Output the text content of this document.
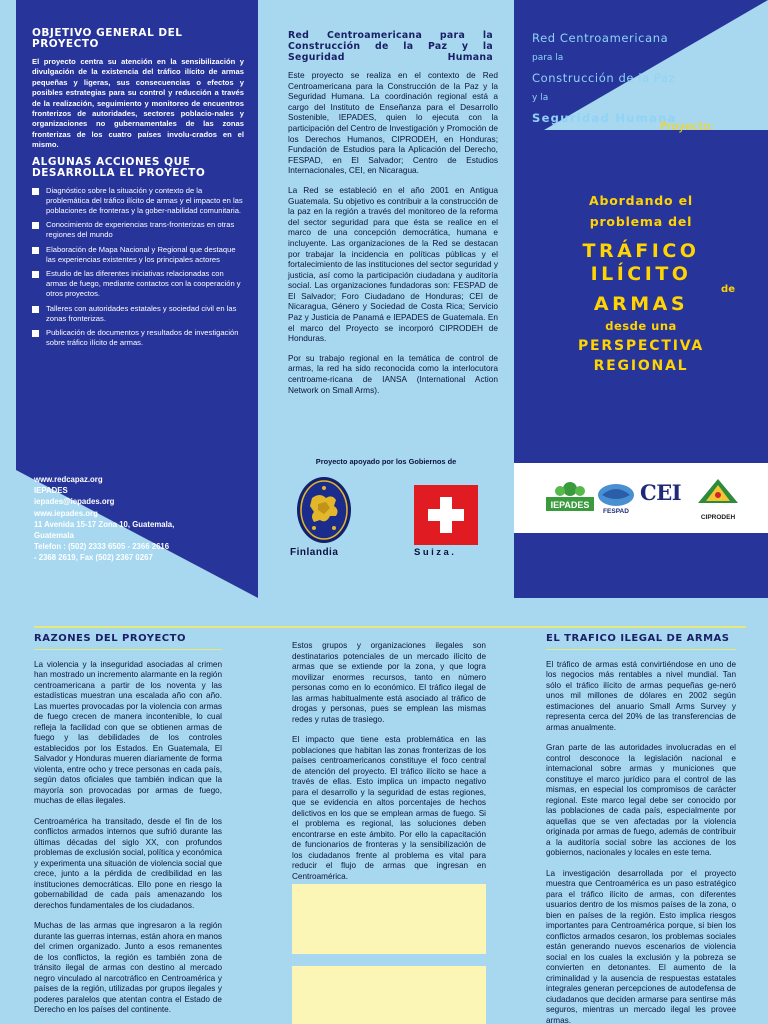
OBJETIVO GENERAL DEL PROYECTO
El proyecto centra su atención en la sensibilización y divulgación de la existencia del tráfico ilícito de armas pequeñas y ligeras, sus consecuencias o efectos y posibles estrategias para su control y reducción a través de la realización, seguimiento y monitoreo de encuentros fronterizos de autoridades, sectores poblacio-nales y organizaciones no gubernamentales de las zonas fronterizas de los cuatro países involu-crados en el mismo.
ALGUNAS ACCIONES QUE DESARROLLA EL PROYECTO
Diagnóstico sobre la situación y contexto de la problemática del tráfico ilícito de armas y el impacto en las poblaciones de fronteras y la gober-nabilidad comunitaria.
Conocimiento de experiencias trans-fronterizas en otras regiones del mundo
Elaboración de Mapa Nacional y Regional que destaque las experiencias existentes y los principales actores
Estudio de las diferentes iniciativas relacionadas con armas de fuego, mediante contactos con la cooperación y otros proyectos.
Talleres con autoridades estatales y sociedad civil en las zonas fronterizas.
Publicación de documentos y resultados de investigación sobre tráfico ilícito de armas.
www.redcapaz.org
IEPADES
iepades@iepades.org
www.iepades.org
11 Avenida 15-17 Zona 10, Guatemala,
Guatemala
Telefon : (502) 2333 6505 - 2366 2616
- 2368 2619, Fax (502) 2367 0267
Red Centroamericana para la Construcción de la Paz y la Seguridad Humana

Este proyecto se realiza en el contexto de Red Centroamericana para la Construcción de la Paz y la Seguridad Humana. La coordinación regional está a cargo del Instituto de Enseñanza para el Desarrollo Sostenible, IEPADES, quien lo ejecuta con la participación del Centro de Investigación y Promoción de los Derechos Humanos, CIPRODEH, en Honduras; Fundación de Estudios para la Aplicación del Derecho, FESPAD, en El Salvador; Centro de Estudios Internacionales, CEI, en Nicaragua.

La Red se estableció en el año 2001 en Antigua Guatemala. Su objetivo es contribuir a la construcción de la paz en la región a través del monitoreo de la reforma del sector seguridad para que ésta se realice en el marco de una concepción democrática, humana e incluyente. Las organizaciones de la Red se destacan por trabajar la incidencia en políticas públicas y el fortalecimiento de las instituciones del sector seguridad y justicia, así como la participación ciudadana y auditoría social. Las organizaciones fundadoras son: FESPAD de El Salvador; Foro Ciudadano de Honduras; CEI de Nicaragua, Género y Sociedad de Costa Rica; Servicio Paz y Justicia de Panamá e IEPADES de Guatemala. En el marco del Proyecto se incorporó CIPRODEH de Honduras.

Por su trabajo regional en la temática de control de armas, la red ha sido reconocida como la interlocutora centroame-ricana de IANSA (International Action Network on Small Arms).

Proyecto apoyado por los Gobiernos de
Finlandia	Suiza.
Red Centroamericana
para la
Construcción de la Paz
y la
Seguridad Humana
Proyecto:
Abordando el
problema del
TRÁFICO
ILÍCITO
de
ARMAS
desde una
PERSPECTIVA
REGIONAL
IEPADES
FESPAD
CEI
CIPRODEH
RAZONES DEL PROYECTO

La violencia y la inseguridad asociadas al crimen han mostrado un incremento alarmante en la región centroamericana a partir de los noventa y las estadísticas muestran una escalada año con año. Las muertes provocadas por la violencia con armas de fuego crecen de manera incontenible, lo cual refleja la facilidad con que se obtienen armas de fuego y las debilidades de los controles establecidos por los Estados. En Guatemala, El Salvador y Honduras mueren diariamente de forma violenta, entre ocho y trece personas en cada país, según datos oficiales que también indican que la mayoría son provocadas por armas de fuego, muchas de ellas ilegales.

Centroamérica ha transitado, desde el fin de los conflictos armados internos que sufrió durante las últimas décadas del siglo XX, con profundos problemas de exclusión social, política y económica y experimenta una situación de violencia social que crece, junto a la pérdida de credibilidad en las instituciones democráticas. Ello pone en riesgo la gobernabilidad de cada país amenazando los derechos fundamentales de los ciudadanos.

Muchas de las armas que ingresaron a la región durante las guerras internas, están ahora en manos del crimen organizado. Junto a esos remanentes de los conflictos, la región es también zona de tránsito ilegal de armas con destino al mercado negro vinculado al narcotráfico en Centroamérica y países de la región, utilizadas por grupos ilegales y poderes paralelos que atentan contra el Estado de Derecho en los países del continente.

Estos grupos y organizaciones ilegales son destinatarios potenciales de un mercado ilícito de armas que se extiende por la zona, y que logra movilizar enormes recursos, tanto en número personas como en lo económico. El tráfico ilegal de las armas habitualmente está asociado al tráfico de drogas y personas, pues se emplean las mismas redes y rutas de trasiego.

El impacto que tiene esta problemática en las poblaciones que habitan las zonas fronterizas de los países centroamericanos constituye el foco central de atención del proyecto. El tráfico ilícito se hace a través de ellas. Esto implica un impacto negativo para el desarrollo y la seguridad de estas regiones, que se evidencia en altos porcentajes de hechos delictivos en los que se emplean armas de fuego. Si el problema es regional, las soluciones deben encontrarse en este ámbito. Por ello la capacitación de funcionarios de fronteras y la sensibilización de los ciudadanos frente al problema es vital para reducir el flujo de armas que ingresan en Centroamérica.

EL TRAFICO ILEGAL DE ARMAS

El tráfico de armas está convirtiéndose en uno de los negocios más rentables a nivel mundial. Tan sólo el tráfico ilícito de armas pequeñas ge-neró unos mil millones de dólares en 2002 según estimaciones del anuario Small Arms Survey y representa cerca del 20% de las transferencias de armas anualmente.

Gran parte de las autoridades involucradas en el control desconoce la legislación nacional e internacional sobre armas y municiones que constituye el marco jurídico para el control de las mismas, en especial los compromisos de carácter regional. Este marco legal debe ser conocido por las poblaciones de cada país, especialmente por aquellas que se ven afectadas por la violencia originada por armas de fuego, además de contribuir a la auditoría social sobre las acciones de los gobiernos, nacionales y locales en este tema.

La investigación desarrollada por el proyecto muestra que Centroamérica es un paso estratégico para el tráfico ilícito de armas, con diferentes usuarios dentro de los mismos países de la zona, o bien en países de la región. Esto implica riesgos importantes para Centroamérica porque, si bien los conflictos armados cesaron, los problemas sociales están generando nuevos escenarios de violencia social en los cuales la exclusión y la pobreza se convierten en detonantes. El aumento de la criminalidad y la ausencia de respuestas estatales integrales generan percepciones de autodefensa de ciudadanos que deciden armarse para sentirse más seguros, mientras un mercado ilegal les provee armas.
